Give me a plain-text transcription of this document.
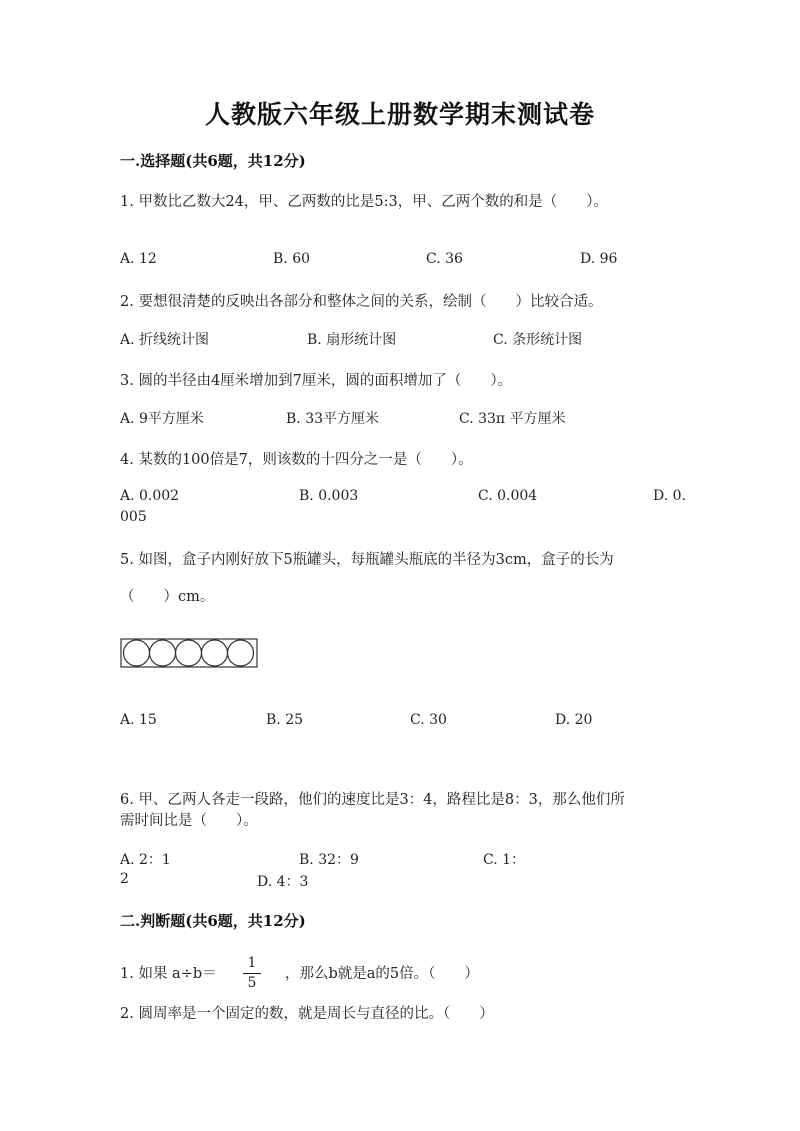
人教版六年级上册数学期末测试卷
一.选择题(共6题，共12分)
1. 甲数比乙数大24，甲、乙两数的比是5:3，甲、乙两个数的和是（　　）。
A. 12	B. 60	C. 36	D. 96
2. 要想很清楚的反映出各部分和整体之间的关系，绘制（　　）比较合适。
A. 折线统计图	B. 扇形统计图	C. 条形统计图
3. 圆的半径由4厘米增加到7厘米，圆的面积增加了（　　）。
A. 9平方厘米	B. 33平方厘米	C. 33π 平方厘米
4. 某数的100倍是7，则该数的十四分之一是（　　）。
A. 0.002	B. 0.003	C. 0.004	D. 0.
005
5. 如图，盒子内刚好放下5瓶罐头，每瓶罐头瓶底的半径为3cm，盒子的长为
（　　）cm。
A. 15	B. 25	C. 30	D. 20
6. 甲、乙两人各走一段路，他们的速度比是3：4，路程比是8：3，那么他们所
需时间比是（　　）。
A. 2：1	B. 32：9	C. 1：
2	D. 4：3
二.判断题(共6题，共12分)
1. 如果 a÷b＝
1
5
，那么b就是a的5倍。（　　）
2. 圆周率是一个固定的数，就是周长与直径的比。（　　）
